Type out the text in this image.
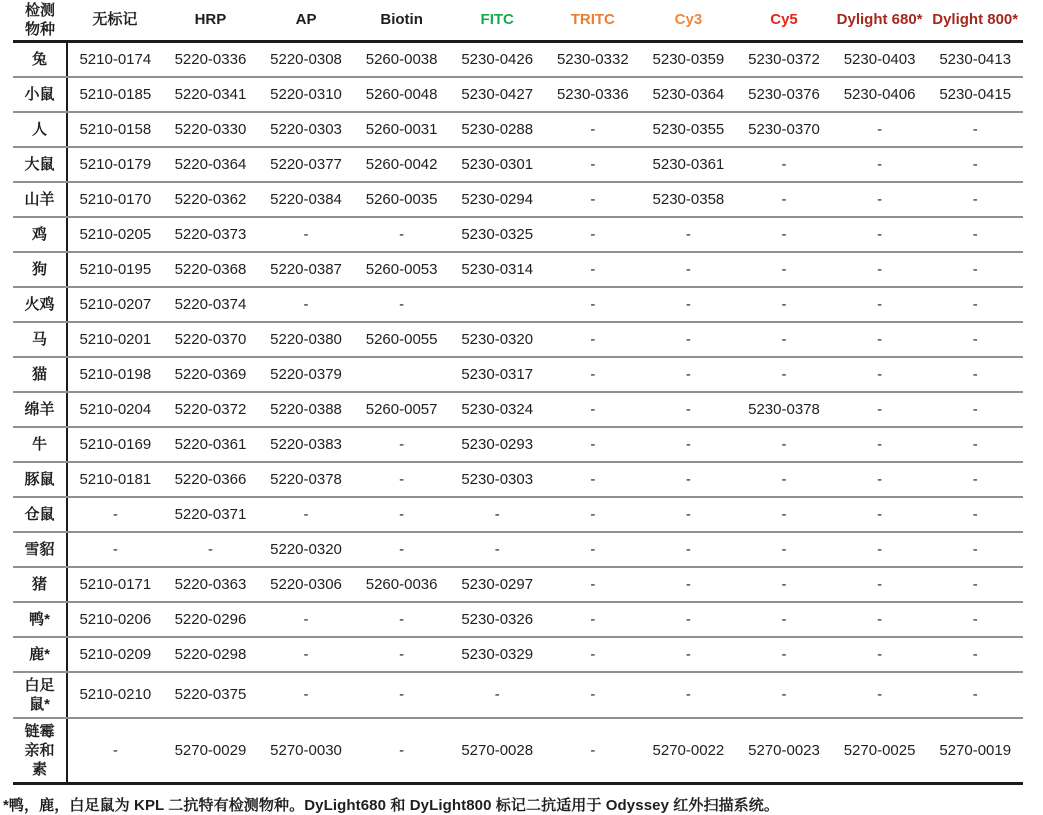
检测物种	无标记	HRP	AP	Biotin	FITC	TRITC	Cy3	Cy5	Dylight 680*	Dylight 800*
兔	5210-0174	5220-0336	5220-0308	5260-0038	5230-0426	5230-0332	5230-0359	5230-0372	5230-0403	5230-0413
小鼠	5210-0185	5220-0341	5220-0310	5260-0048	5230-0427	5230-0336	5230-0364	5230-0376	5230-0406	5230-0415
人	5210-0158	5220-0330	5220-0303	5260-0031	5230-0288	-	5230-0355	5230-0370	-	-
大鼠	5210-0179	5220-0364	5220-0377	5260-0042	5230-0301	-	5230-0361	-	-	-
山羊	5210-0170	5220-0362	5220-0384	5260-0035	5230-0294	-	5230-0358	-	-	-
鸡	5210-0205	5220-0373	-	-	5230-0325	-	-	-	-	-
狗	5210-0195	5220-0368	5220-0387	5260-0053	5230-0314	-	-	-	-	-
火鸡	5210-0207	5220-0374	-	-		-	-	-	-	-
马	5210-0201	5220-0370	5220-0380	5260-0055	5230-0320	-	-	-	-	-
猫	5210-0198	5220-0369	5220-0379		5230-0317	-	-	-	-	-
绵羊	5210-0204	5220-0372	5220-0388	5260-0057	5230-0324	-	-	5230-0378	-	-
牛	5210-0169	5220-0361	5220-0383	-	5230-0293	-	-	-	-	-
豚鼠	5210-0181	5220-0366	5220-0378	-	5230-0303	-	-	-	-	-
仓鼠	-	5220-0371	-	-	-	-	-	-	-	-
雪貂	-	-	5220-0320	-	-	-	-	-	-	-
猪	5210-0171	5220-0363	5220-0306	5260-0036	5230-0297	-	-	-	-	-
鸭*	5210-0206	5220-0296	-	-	5230-0326	-	-	-	-	-
鹿*	5210-0209	5220-0298	-	-	5230-0329	-	-	-	-	-
白足鼠*	5210-0210	5220-0375	-	-	-	-	-	-	-	-
链霉亲和素	-	5270-0029	5270-0030	-	5270-0028	-	5270-0022	5270-0023	5270-0025	5270-0019
*鸭，鹿，白足鼠为 KPL 二抗特有检测物种。DyLight680 和 DyLight800 标记二抗适用于 Odyssey 红外扫描系统。
